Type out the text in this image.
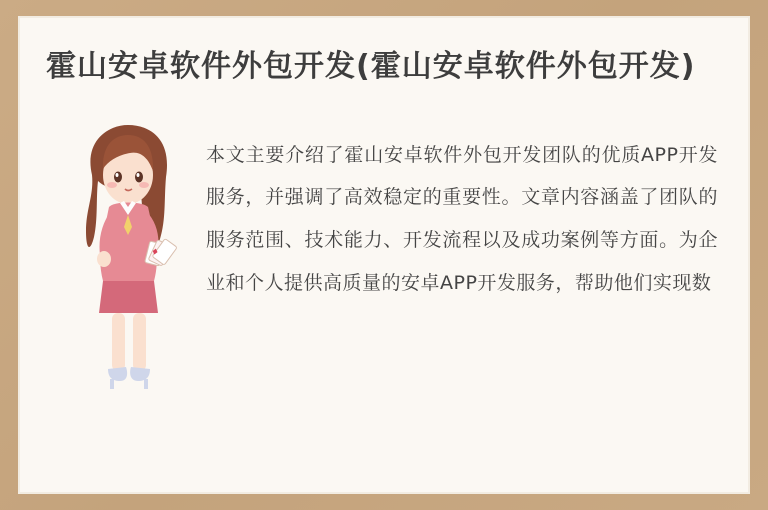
霍山安卓软件外包开发(霍山安卓软件外包开发)

本文主要介绍了霍山安卓软件外包开发团队的优质APP开发服务，并强调了高效稳定的重要性。文章内容涵盖了团队的服务范围、技术能力、开发流程以及成功案例等方面。为企业和个人提供高质量的安卓APP开发服务，帮助他们实现数
